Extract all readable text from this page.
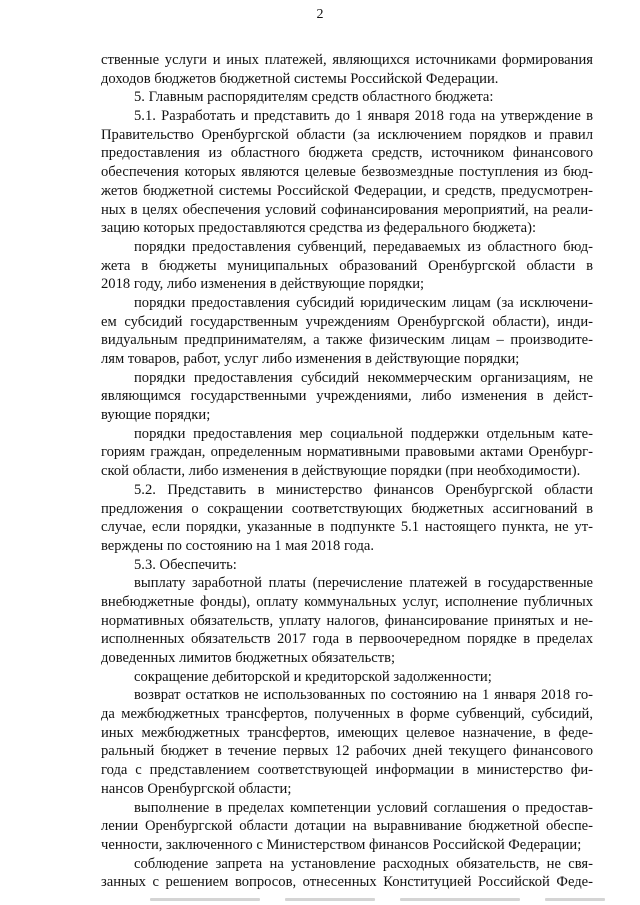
2
ственные услуги и иных платежей, являющихся источниками формирования
доходов бюджетов бюджетной системы Российской Федерации.
5. Главным распорядителям средств областного бюджета:
5.1. Разработать и представить до 1 января 2018 года на утверждение в
Правительство Оренбургской области (за исключением порядков и правил
предоставления из областного бюджета средств, источником финансового
обеспечения которых являются целевые безвозмездные поступления из бюд-
жетов бюджетной системы Российской Федерации, и средств, предусмотрен-
ных в целях обеспечения условий софинансирования мероприятий, на реали-
зацию которых предоставляются средства из федерального бюджета):
порядки предоставления субвенций, передаваемых из областного бюд-
жета в бюджеты муниципальных образований Оренбургской области в
2018 году, либо изменения в действующие порядки;
порядки предоставления субсидий юридическим лицам (за исключени-
ем субсидий государственным учреждениям Оренбургской области), инди-
видуальным предпринимателям, а также физическим лицам – производите-
лям товаров, работ, услуг либо изменения в действующие порядки;
порядки предоставления субсидий некоммерческим организациям, не
являющимся государственными учреждениями, либо изменения в дейст-
вующие порядки;
порядки предоставления мер социальной поддержки отдельным кате-
гориям граждан, определенным нормативными правовыми актами Оренбург-
ской области, либо изменения в действующие порядки (при необходимости).
5.2. Представить в министерство финансов Оренбургской области
предложения о сокращении соответствующих бюджетных ассигнований в
случае, если порядки, указанные в подпункте 5.1 настоящего пункта, не ут-
верждены по состоянию на 1 мая 2018 года.
5.3. Обеспечить:
выплату заработной платы (перечисление платежей в государственные
внебюджетные фонды), оплату коммунальных услуг, исполнение публичных
нормативных обязательств, уплату налогов, финансирование принятых и не-
исполненных обязательств 2017 года в первоочередном порядке в пределах
доведенных лимитов бюджетных обязательств;
сокращение дебиторской и кредиторской задолженности;
возврат остатков не использованных по состоянию на 1 января 2018 го-
да межбюджетных трансфертов, полученных в форме субвенций, субсидий,
иных межбюджетных трансфертов, имеющих целевое назначение, в феде-
ральный бюджет в течение первых 12 рабочих дней текущего финансового
года с представлением соответствующей информации в министерство фи-
нансов Оренбургской области;
выполнение в пределах компетенции условий соглашения о предостав-
лении Оренбургской области дотации на выравнивание бюджетной обеспе-
ченности, заключенного с Министерством финансов Российской Федерации;
соблюдение запрета на установление расходных обязательств, не свя-
занных с решением вопросов, отнесенных Конституцией Российской Феде-
